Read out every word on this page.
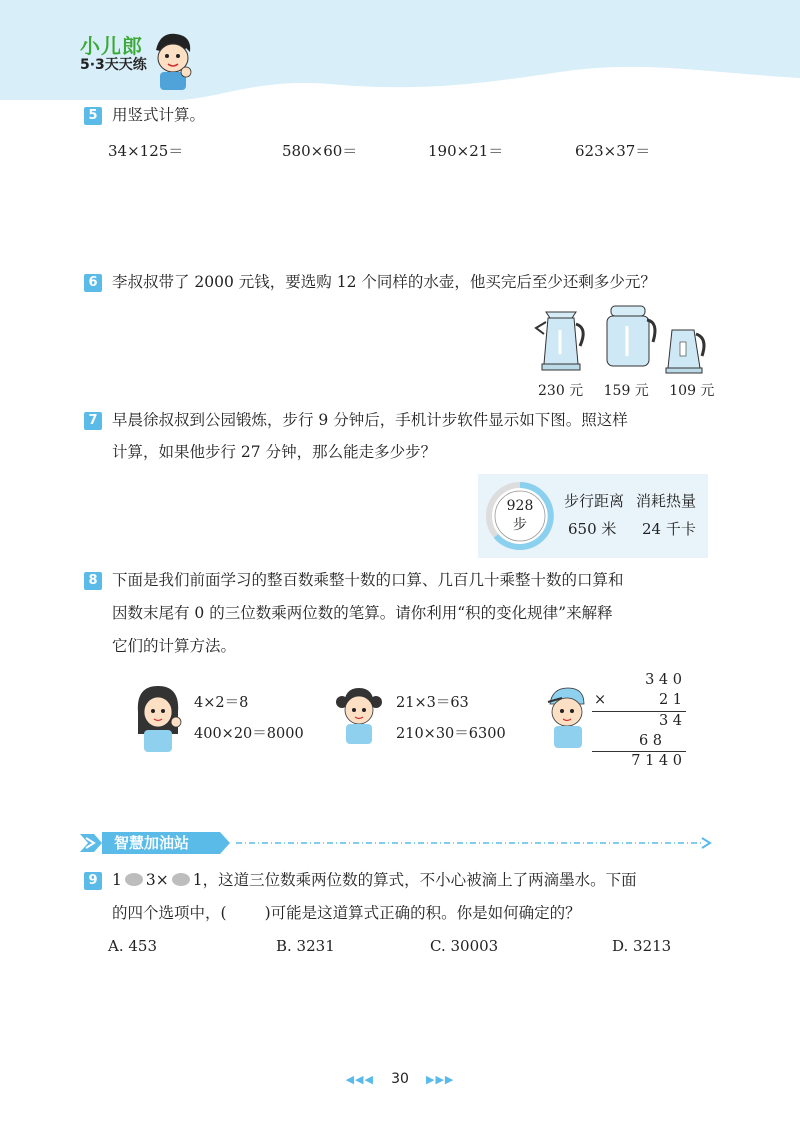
小儿郎
5·3天天练
5 用竖式计算。
34×125＝	580×60＝	190×21＝	623×37＝
6 李叔叔带了 2000 元钱，要选购 12 个同样的水壶，他买完后至少还剩多少元？
230 元 159 元 109 元
7 早晨徐叔叔到公园锻炼，步行 9 分钟后，手机计步软件显示如下图。照这样
计算，如果他步行 27 分钟，那么能走多少步？
928
步
步行距离 消耗热量
650 米 24 千卡
8 下面是我们前面学习的整百数乘整十数的口算、几百几十乘整十数的口算和
因数末尾有 0 的三位数乘两位数的笔算。请你利用“积的变化规律”来解释
它们的计算方法。
4×2＝8
400×20＝8000
21×3＝63
210×30＝6300
3 4 0
×	2 1
3 4
6 8
7 1 4 0
智慧加油站
9 1 3× 1，这道三位数乘两位数的算式，不小心被滴上了两滴墨水。下面
的四个选项中，( )可能是这道算式正确的积。你是如何确定的？
A. 453	B. 3231	C. 30003	D. 3213
◀◀◀ 30 ▶▶▶
